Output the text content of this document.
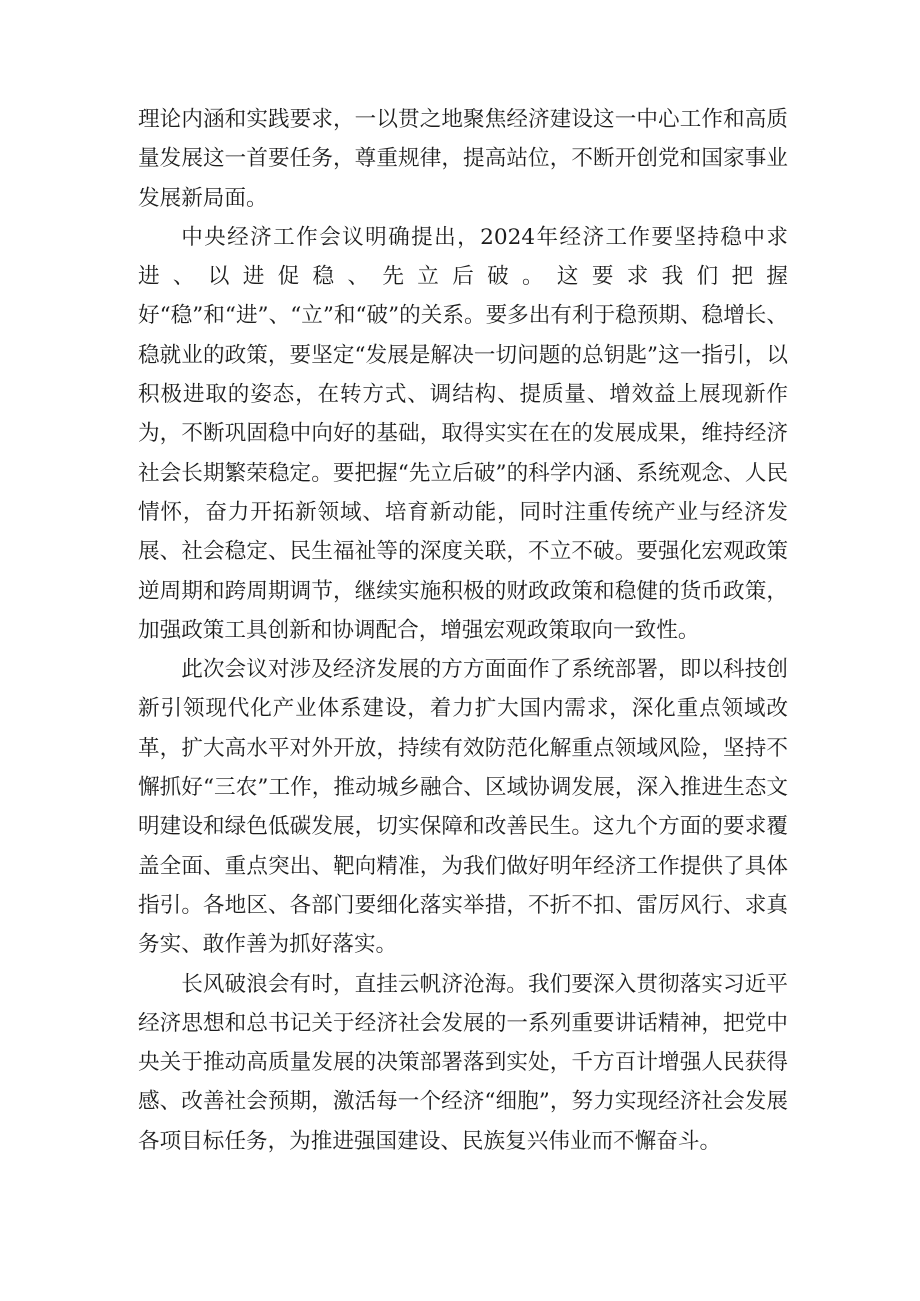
理论内涵和实践要求，一以贯之地聚焦经济建设这一中心工作和高质量发展这一首要任务，尊重规律，提高站位，不断开创党和国家事业发展新局面。

中央经济工作会议明确提出，2024年经济工作要坚持稳中求进、以进促稳、先立后破。这要求我们把握好“稳”和“进”、“立”和“破”的关系。要多出有利于稳预期、稳增长、稳就业的政策，要坚定“发展是解决一切问题的总钥匙”这一指引，以积极进取的姿态，在转方式、调结构、提质量、增效益上展现新作为，不断巩固稳中向好的基础，取得实实在在的发展成果，维持经济社会长期繁荣稳定。要把握“先立后破”的科学内涵、系统观念、人民情怀，奋力开拓新领域、培育新动能，同时注重传统产业与经济发展、社会稳定、民生福祉等的深度关联，不立不破。要强化宏观政策逆周期和跨周期调节，继续实施积极的财政政策和稳健的货币政策，加强政策工具创新和协调配合，增强宏观政策取向一致性。

此次会议对涉及经济发展的方方面面作了系统部署，即以科技创新引领现代化产业体系建设，着力扩大国内需求，深化重点领域改革，扩大高水平对外开放，持续有效防范化解重点领域风险，坚持不懈抓好“三农”工作，推动城乡融合、区域协调发展，深入推进生态文明建设和绿色低碳发展，切实保障和改善民生。这九个方面的要求覆盖全面、重点突出、靶向精准，为我们做好明年经济工作提供了具体指引。各地区、各部门要细化落实举措，不折不扣、雷厉风行、求真务实、敢作善为抓好落实。

长风破浪会有时，直挂云帆济沧海。我们要深入贯彻落实习近平经济思想和总书记关于经济社会发展的一系列重要讲话精神，把党中央关于推动高质量发展的决策部署落到实处，千方百计增强人民获得感、改善社会预期，激活每一个经济“细胞”，努力实现经济社会发展各项目标任务，为推进强国建设、民族复兴伟业而不懈奋斗。
